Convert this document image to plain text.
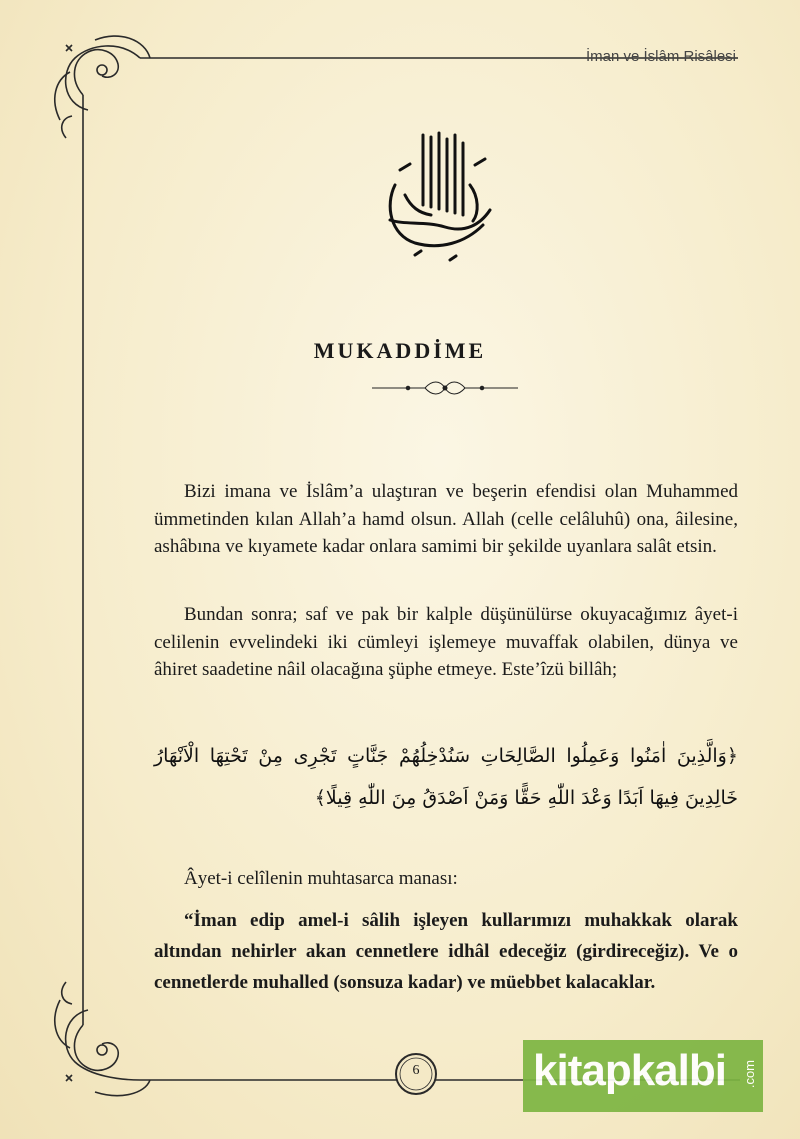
İman ve İslâm Risâlesi
MUKADDİME
Bizi imana ve İslâm’a ulaştıran ve beşerin efendisi olan Muhammed ümmetinden kılan Allah’a hamd olsun. Allah (celle celâluhû) ona, âilesine, ashâbına ve kıyamete kadar onlara samimi bir şekilde uyanlara salât etsin.
Bundan sonra; saf ve pak bir kalple düşünülürse okuyacağımız âyet-i celilenin evvelindeki iki cümleyi işlemeye muvaffak olabilen, dünya ve âhiret saadetine nâil olacağına şüphe etmeye. Este’îzü billâh;
﴿وَالَّذِينَ اٰمَنُوا وَعَمِلُوا الصَّالِحَاتِ سَنُدْخِلُهُمْ جَنَّاتٍ تَجْرِى مِنْ تَحْتِهَا الْاَنْهَارُ خَالِدِينَ فِيهَا اَبَدًا وَعْدَ اللّٰهِ حَقًّا وَمَنْ اَصْدَقُ مِنَ اللّٰهِ قِيلًا﴾
Âyet-i celîlenin muhtasarca manası:
“İman edip amel-i sâlih işleyen kullarımızı muhakkak olarak altından nehirler akan cennetlere idhâl edeceğiz (girdireceğiz). Ve o cennetlerde muhalled (sonsuza kadar) ve müebbet kalacaklar.
6	kitapkalbi .com
